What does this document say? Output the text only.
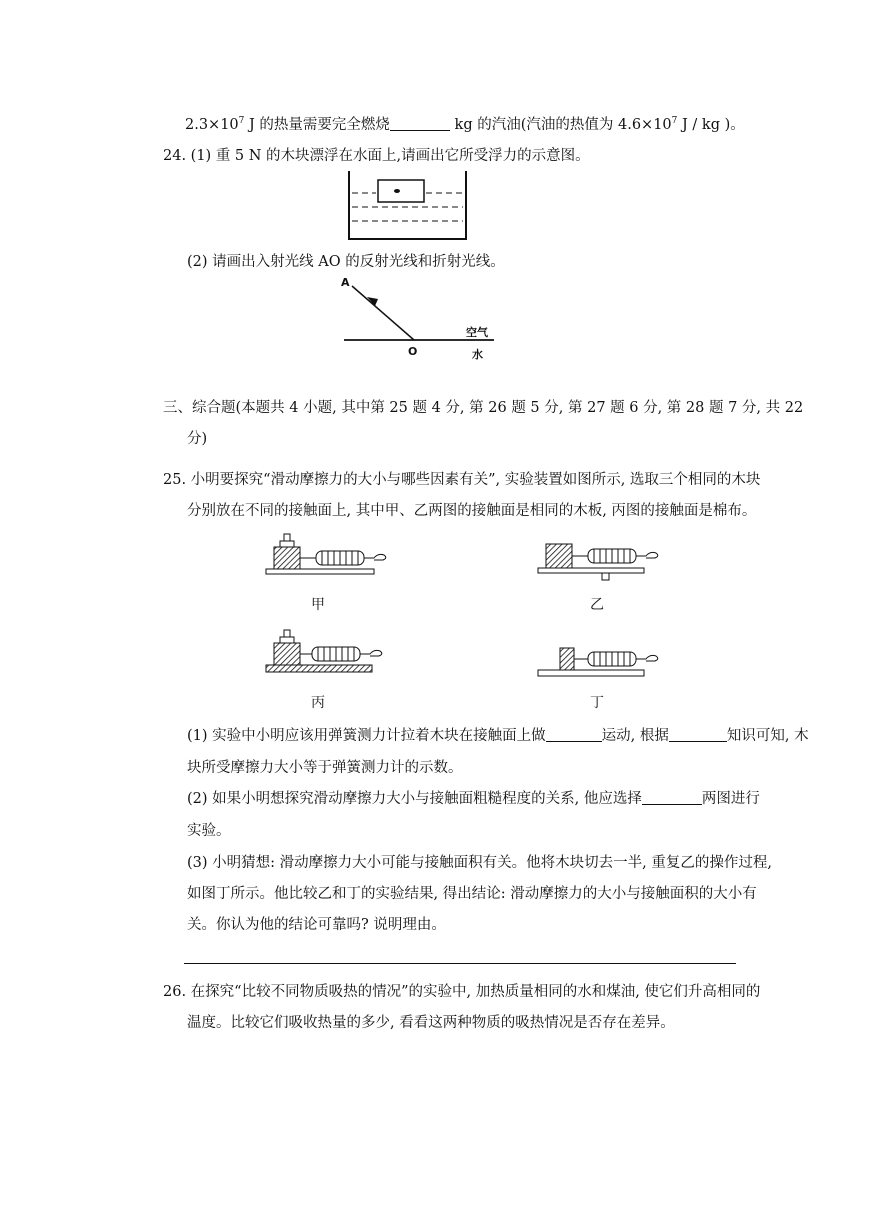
$2.3\times 10^7$ J 的热量需要完全燃烧	kg 的汽油(汽油的热值为 $4.6\times 10^7$ J / kg )。
24. (1) 重 5 N 的木块漂浮在水面上,请画出它所受浮力的示意图。
(2) 请画出入射光线 AO 的反射光线和折射光线。
A
O
空气
水
三、综合题(本题共 4 小题, 其中第 25 题 4 分, 第 26 题 5 分, 第 27 题 6 分, 第 28 题 7 分, 共 22
分)
25. 小明要探究“滑动摩擦力的大小与哪些因素有关”, 实验装置如图所示, 选取三个相同的木块
分别放在不同的接触面上, 其中甲、乙两图的接触面是相同的木板, 丙图的接触面是棉布。
甲	乙
丙	丁
(1) 实验中小明应该用弹簧测力计拉着木块在接触面上做	运动, 根据	知识可知, 木
块所受摩擦力大小等于弹簧测力计的示数。
(2) 如果小明想探究滑动摩擦力大小与接触面粗糙程度的关系, 他应选择	两图进行
实验。
(3) 小明猜想: 滑动摩擦力大小可能与接触面积有关。他将木块切去一半, 重复乙的操作过程,
如图丁所示。他比较乙和丁的实验结果, 得出结论: 滑动摩擦力的大小与接触面积的大小有
关。你认为他的结论可靠吗? 说明理由。
26. 在探究“比较不同物质吸热的情况”的实验中, 加热质量相同的水和煤油, 使它们升高相同的
温度。比较它们吸收热量的多少, 看看这两种物质的吸热情况是否存在差异。
